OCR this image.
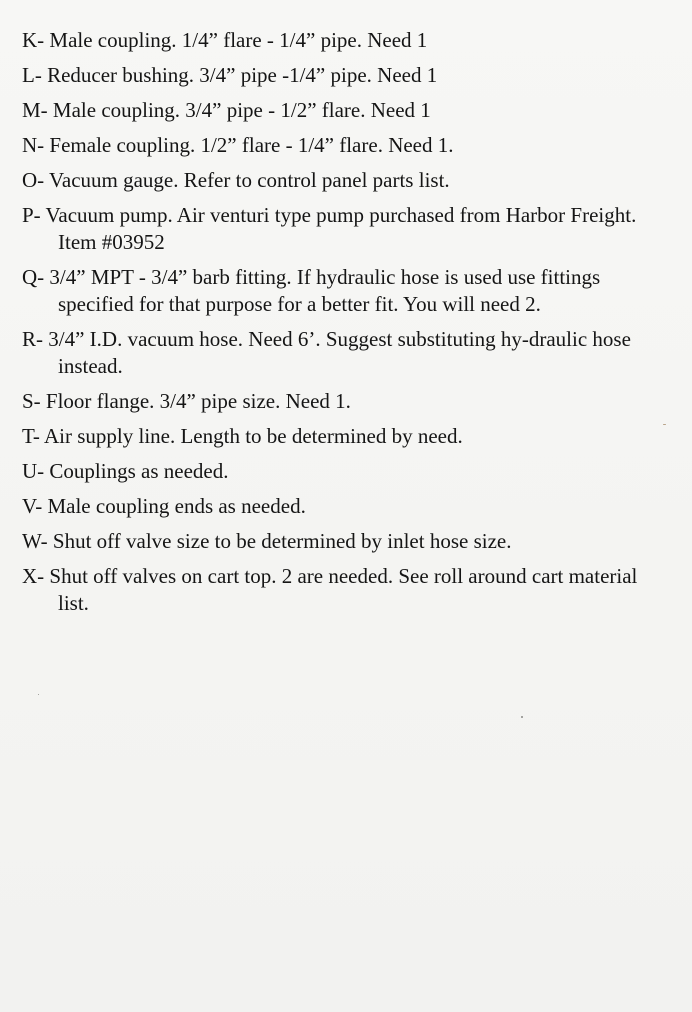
K- Male coupling. 1/4” flare - 1/4” pipe. Need 1
L- Reducer bushing. 3/4” pipe -1/4” pipe. Need 1
M- Male coupling. 3/4” pipe - 1/2” flare. Need 1
N- Female coupling. 1/2” flare - 1/4” flare. Need 1.
O- Vacuum gauge. Refer to control panel parts list.
P- Vacuum pump. Air venturi type pump purchased from Harbor Freight. Item #03952
Q- 3/4” MPT - 3/4” barb fitting. If hydraulic hose is used use fittings specified for that purpose for a better fit. You will need 2.
R- 3/4” I.D. vacuum hose. Need 6’. Suggest substituting hy-draulic hose instead.
S- Floor flange. 3/4” pipe size. Need 1.
T- Air supply line. Length to be determined by need.
U- Couplings as needed.
V- Male coupling ends as needed.
W- Shut off valve size to be determined by inlet hose size.
X- Shut off valves on cart top. 2 are needed. See roll around cart material list.
